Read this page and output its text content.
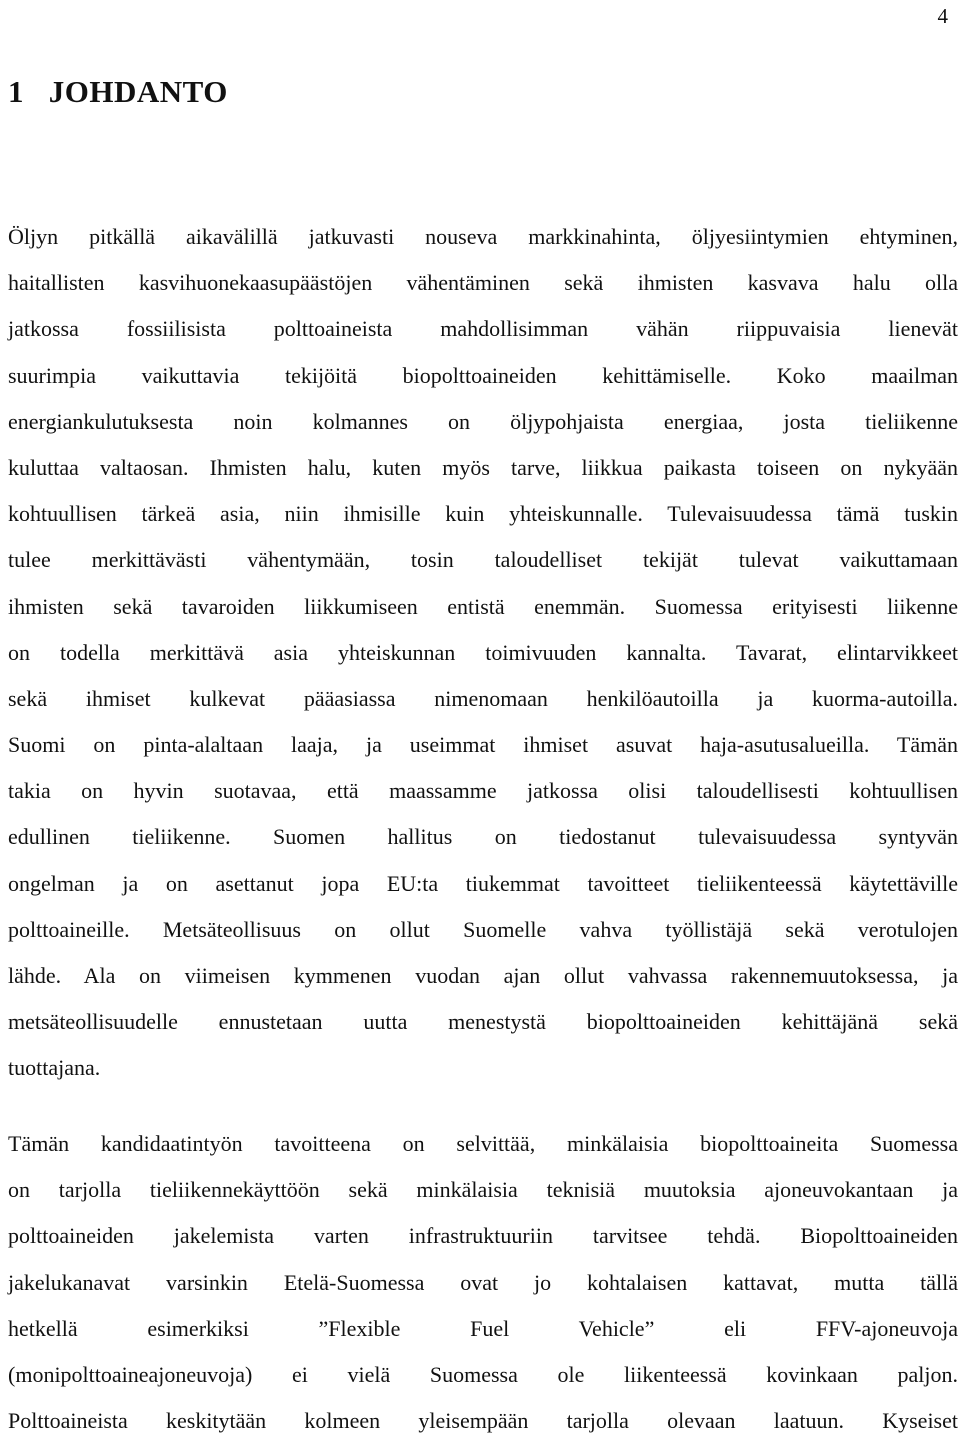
4
1 JOHDANTO
Öljyn pitkällä aikavälillä jatkuvasti nouseva markkinahinta, öljyesiintymien ehtyminen,
haitallisten kasvihuonekaasupäästöjen vähentäminen sekä ihmisten kasvava halu olla
jatkossa fossiilisista polttoaineista mahdollisimman vähän riippuvaisia lienevät
suurimpia vaikuttavia tekijöitä biopolttoaineiden kehittämiselle. Koko maailman
energiankulutuksesta noin kolmannes on öljypohjaista energiaa, josta tieliikenne
kuluttaa valtaosan. Ihmisten halu, kuten myös tarve, liikkua paikasta toiseen on nykyään
kohtuullisen tärkeä asia, niin ihmisille kuin yhteiskunnalle. Tulevaisuudessa tämä tuskin
tulee merkittävästi vähentymään, tosin taloudelliset tekijät tulevat vaikuttamaan
ihmisten sekä tavaroiden liikkumiseen entistä enemmän. Suomessa erityisesti liikenne
on todella merkittävä asia yhteiskunnan toimivuuden kannalta. Tavarat, elintarvikkeet
sekä ihmiset kulkevat pääasiassa nimenomaan henkilöautoilla ja kuorma-autoilla.
Suomi on pinta-alaltaan laaja, ja useimmat ihmiset asuvat haja-asutusalueilla. Tämän
takia on hyvin suotavaa, että maassamme jatkossa olisi taloudellisesti kohtuullisen
edullinen tieliikenne. Suomen hallitus on tiedostanut tulevaisuudessa syntyvän
ongelman ja on asettanut jopa EU:ta tiukemmat tavoitteet tieliikenteessä käytettäville
polttoaineille. Metsäteollisuus on ollut Suomelle vahva työllistäjä sekä verotulojen
lähde. Ala on viimeisen kymmenen vuodan ajan ollut vahvassa rakennemuutoksessa, ja
metsäteollisuudelle ennustetaan uutta menestystä biopolttoaineiden kehittäjänä sekä
tuottajana.
Tämän kandidaatintyön tavoitteena on selvittää, minkälaisia biopolttoaineita Suomessa
on tarjolla tieliikennekäyttöön sekä minkälaisia teknisiä muutoksia ajoneuvokantaan ja
polttoaineiden jakelemista varten infrastruktuuriin tarvitsee tehdä. Biopolttoaineiden
jakelukanavat varsinkin Etelä-Suomessa ovat jo kohtalaisen kattavat, mutta tällä
hetkellä esimerkiksi ”Flexible Fuel Vehicle” eli FFV-ajoneuvoja
(monipolttoaineajoneuvoja) ei vielä Suomessa ole liikenteessä kovinkaan paljon.
Polttoaineista keskitytään kolmeen yleisempään tarjolla olevaan laatuun. Kyseiset
